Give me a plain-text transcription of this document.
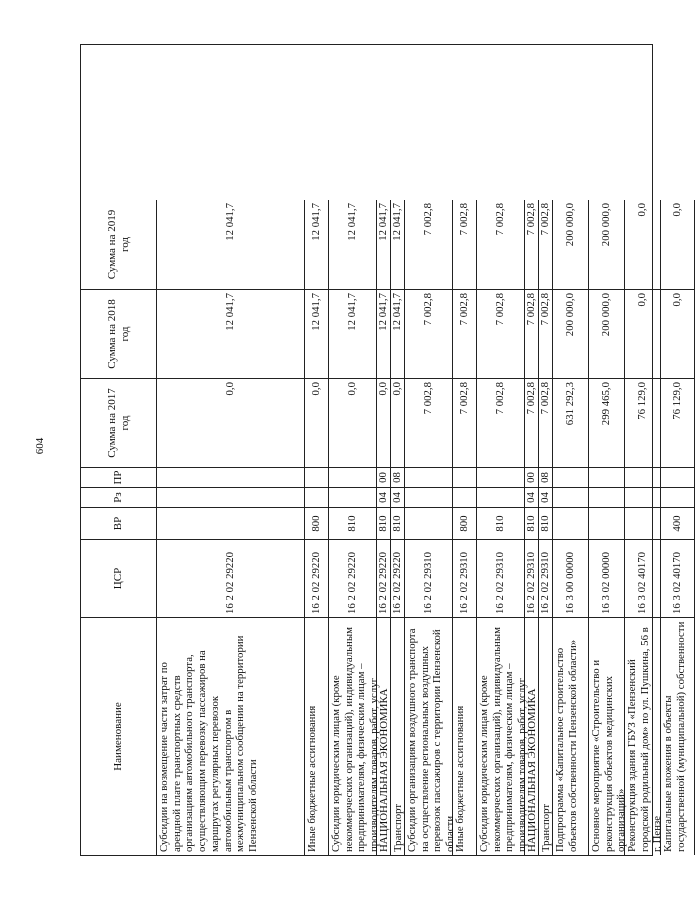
604
Наименование
ЦСР
ВР
Рз
ПР
Сумма на 2017 год
Сумма на 2018 год
Сумма на 2019 год
Субсидии на возмещение части затрат по арендной плате транспортных средств организациям автомобильного транспорта, осуществляющим перевозку пассажиров на маршрутах регулярных перевозок автомобильным транспортом в межмуниципальном сообщении на территории Пензенской области
16 2 02 29220
0,0
12 041,7
12 041,7
Иные бюджетные ассигнования
16 2 02 29220
800
0,0
12 041,7
12 041,7
Субсидии юридическим лицам (кроме некоммерческих организаций), индивидуальным предпринимателям, физическим лицам – производителям товаров, работ, услуг
16 2 02 29220
810
0,0
12 041,7
12 041,7
НАЦИОНАЛЬНАЯ ЭКОНОМИКА
16 2 02 29220
810
04
00
0,0
12 041,7
12 041,7
Транспорт
16 2 02 29220
810
04
08
0,0
12 041,7
12 041,7
Субсидии организациям воздушного транспорта на осуществление региональных воздушных перевозок пассажиров с территории Пензенской области
16 2 02 29310
7 002,8
7 002,8
7 002,8
Иные бюджетные ассигнования
16 2 02 29310
800
7 002,8
7 002,8
7 002,8
Субсидии юридическим лицам (кроме некоммерческих организаций), индивидуальным предпринимателям, физическим лицам – производителям товаров, работ, услуг
16 2 02 29310
810
7 002,8
7 002,8
7 002,8
НАЦИОНАЛЬНАЯ ЭКОНОМИКА
16 2 02 29310
810
04
00
7 002,8
7 002,8
7 002,8
Транспорт
16 2 02 29310
810
04
08
7 002,8
7 002,8
7 002,8
Подпрограмма «Капитальное строительство объектов собственности Пензенской области»
16 3 00 00000
631 292,3
200 000,0
200 000,0
Основное мероприятие «Строительство и реконструкция объектов медицинских организаций»
16 3 02 00000
299 465,0
200 000,0
200 000,0
Реконструкция здания ГБУЗ «Пензенский городской родильный дом» по ул. Пушкина, 56 в г. Пензе
16 3 02 40170
76 129,0
0,0
0,0
Капитальные вложения в объекты государственной (муниципальной) собственности
16 3 02 40170
400
76 129,0
0,0
0,0
